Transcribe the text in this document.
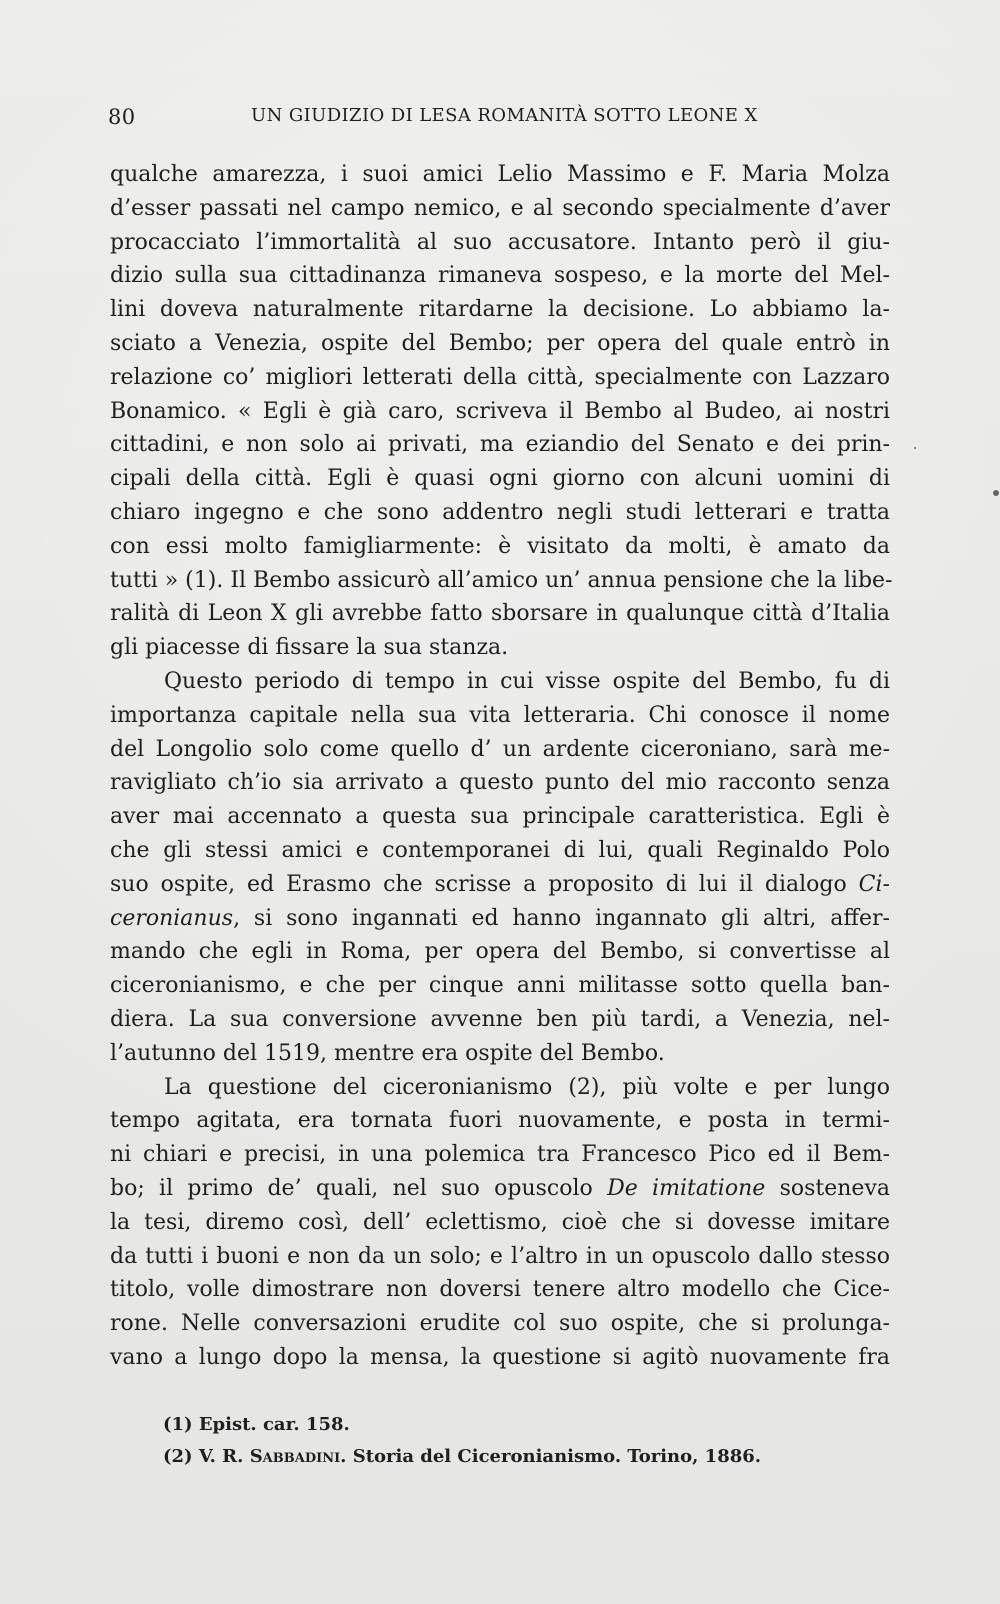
80	UN GIUDIZIO DI LESA ROMANITÀ SOTTO LEONE X
qualche amarezza, i suoi amici Lelio Massimo e F. Maria Molza
d’esser passati nel campo nemico, e al secondo specialmente d’aver
procacciato l’immortalità al suo accusatore. Intanto però il giu-
dizio sulla sua cittadinanza rimaneva sospeso, e la morte del Mel-
lini doveva naturalmente ritardarne la decisione. Lo abbiamo la-
sciato a Venezia, ospite del Bembo; per opera del quale entrò in
relazione co’ migliori letterati della città, specialmente con Lazzaro
Bonamico. « Egli è già caro, scriveva il Bembo al Budeo, ai nostri
cittadini, e non solo ai privati, ma eziandio del Senato e dei prin-
cipali della città. Egli è quasi ogni giorno con alcuni uomini di
chiaro ingegno e che sono addentro negli studi letterari e tratta
con essi molto famigliarmente: è visitato da molti, è amato da
tutti » (1). Il Bembo assicurò all’amico un’ annua pensione che la libe-
ralità di Leon X gli avrebbe fatto sborsare in qualunque città d’Italia
gli piacesse di fissare la sua stanza.
Questo periodo di tempo in cui visse ospite del Bembo, fu di
importanza capitale nella sua vita letteraria. Chi conosce il nome
del Longolio solo come quello d’ un ardente ciceroniano, sarà me-
ravigliato ch’io sia arrivato a questo punto del mio racconto senza
aver mai accennato a questa sua principale caratteristica. Egli è
che gli stessi amici e contemporanei di lui, quali Reginaldo Polo
suo ospite, ed Erasmo che scrisse a proposito di lui il dialogo Ci-
ceronianus, si sono ingannati ed hanno ingannato gli altri, affer-
mando che egli in Roma, per opera del Bembo, si convertisse al
ciceronianismo, e che per cinque anni militasse sotto quella ban-
diera. La sua conversione avvenne ben più tardi, a Venezia, nel-
l’autunno del 1519, mentre era ospite del Bembo.
La questione del ciceronianismo (2), più volte e per lungo
tempo agitata, era tornata fuori nuovamente, e posta in termi-
ni chiari e precisi, in una polemica tra Francesco Pico ed il Bem-
bo; il primo de’ quali, nel suo opuscolo De imitatione sosteneva
la tesi, diremo così, dell’ eclettismo, cioè che si dovesse imitare
da tutti i buoni e non da un solo; e l’altro in un opuscolo dallo stesso
titolo, volle dimostrare non doversi tenere altro modello che Cice-
rone. Nelle conversazioni erudite col suo ospite, che si prolunga-
vano a lungo dopo la mensa, la questione si agitò nuovamente fra
(1) Epist. car. 158.
(2) V. R. Sabbadini. Storia del Ciceronianismo. Torino, 1886.
